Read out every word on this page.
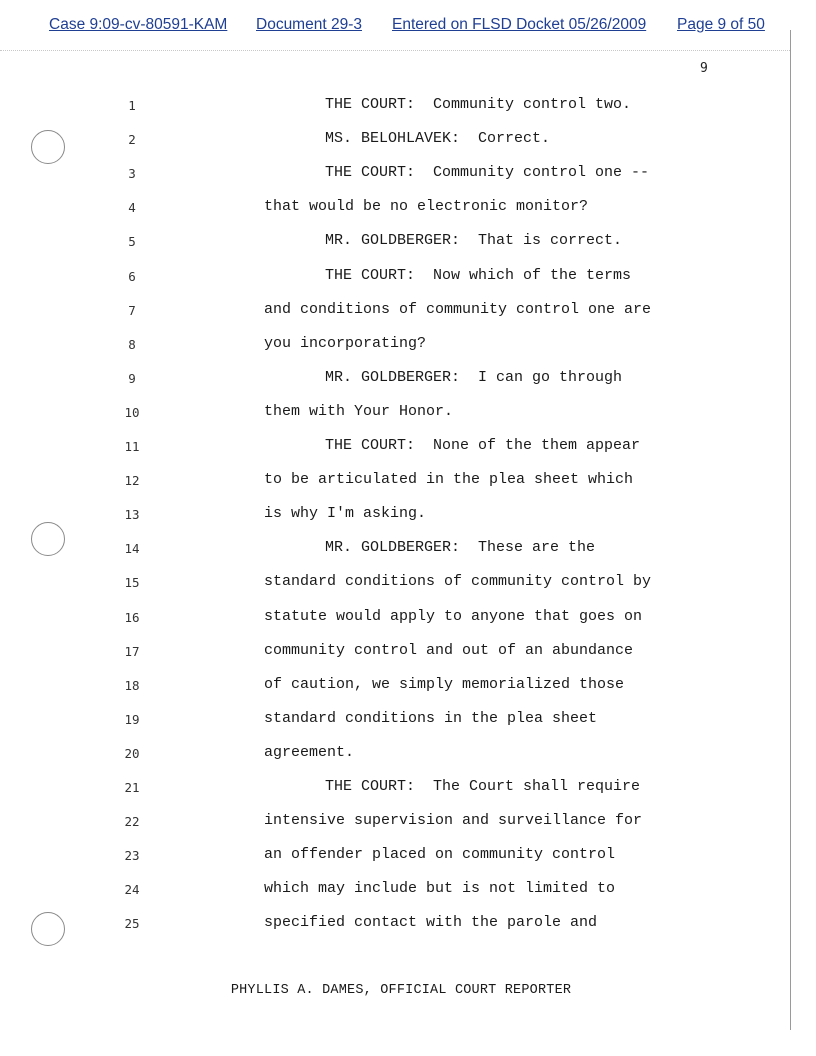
Case 9:09-cv-80591-KAM Document 29-3 Entered on FLSD Docket 05/26/2009 Page 9 of 50
9
1	THE COURT:  Community control two.
2	MS. BELOHLAVEK:  Correct.
3	THE COURT:  Community control one --
4	that would be no electronic monitor?
5	MR. GOLDBERGER:  That is correct.
6	THE COURT:  Now which of the terms
7	and conditions of community control one are
8	you incorporating?
9	MR. GOLDBERGER:  I can go through
10	them with Your Honor.
11	THE COURT:  None of the them appear
12	to be articulated in the plea sheet which
13	is why I'm asking.
14	MR. GOLDBERGER:  These are the
15	standard conditions of community control by
16	statute would apply to anyone that goes on
17	community control and out of an abundance
18	of caution, we simply memorialized those
19	standard conditions in the plea sheet
20	agreement.
21	THE COURT:  The Court shall require
22	intensive supervision and surveillance for
23	an offender placed on community control
24	which may include but is not limited to
25	specified contact with the parole and
PHYLLIS A. DAMES, OFFICIAL COURT REPORTER
